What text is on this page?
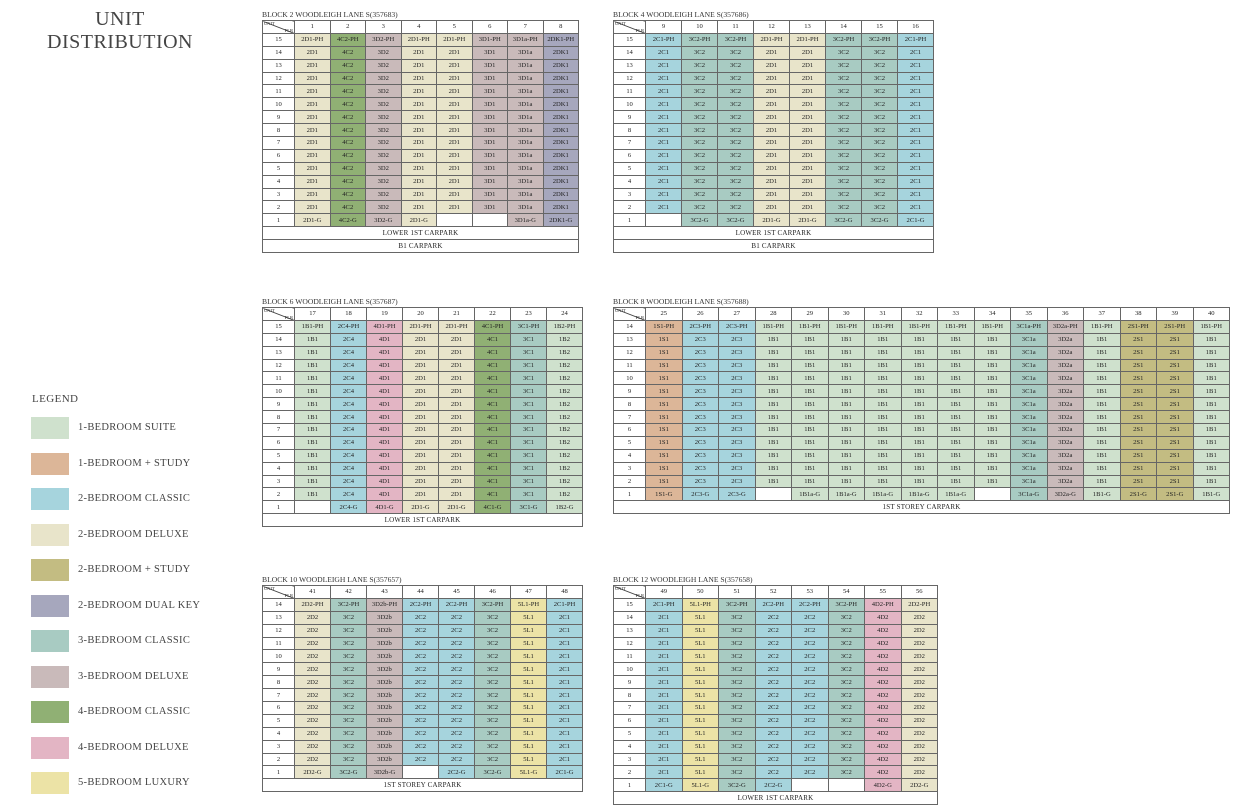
UNIT
DISTRIBUTION
LEGEND
1-BEDROOM SUITE
1-BEDROOM + STUDY
2-BEDROOM CLASSIC
2-BEDROOM DELUXE
2-BEDROOM + STUDY
2-BEDROOM DUAL KEY
3-BEDROOM CLASSIC
3-BEDROOM DELUXE
4-BEDROOM CLASSIC
4-BEDROOM DELUXE
5-BEDROOM LUXURY
BLOCK 2 WOODLEIGH LANE S(357683)
UNIT
FLR	1	2	3	4	5	6	7	8
15	2D1-PH	4C2-PH	3D2-PH	2D1-PH	2D1-PH	3D1-PH	3D1a-PH	2DK1-PH
14	2D1	4C2	3D2	2D1	2D1	3D1	3D1a	2DK1
13	2D1	4C2	3D2	2D1	2D1	3D1	3D1a	2DK1
12	2D1	4C2	3D2	2D1	2D1	3D1	3D1a	2DK1
11	2D1	4C2	3D2	2D1	2D1	3D1	3D1a	2DK1
10	2D1	4C2	3D2	2D1	2D1	3D1	3D1a	2DK1
9	2D1	4C2	3D2	2D1	2D1	3D1	3D1a	2DK1
8	2D1	4C2	3D2	2D1	2D1	3D1	3D1a	2DK1
7	2D1	4C2	3D2	2D1	2D1	3D1	3D1a	2DK1
6	2D1	4C2	3D2	2D1	2D1	3D1	3D1a	2DK1
5	2D1	4C2	3D2	2D1	2D1	3D1	3D1a	2DK1
4	2D1	4C2	3D2	2D1	2D1	3D1	3D1a	2DK1
3	2D1	4C2	3D2	2D1	2D1	3D1	3D1a	2DK1
2	2D1	4C2	3D2	2D1	2D1	3D1	3D1a	2DK1
1	2D1-G	4C2-G	3D2-G	2D1-G			3D1a-G	2DK1-G
LOWER 1ST CARPARK								
B1 CARPARK								
BLOCK 4 WOODLEIGH LANE S(357686)
UNIT
FLR	9	10	11	12	13	14	15	16
15	2C1-PH	3C2-PH	3C2-PH	2D1-PH	2D1-PH	3C2-PH	3C2-PH	2C1-PH
14	2C1	3C2	3C2	2D1	2D1	3C2	3C2	2C1
13	2C1	3C2	3C2	2D1	2D1	3C2	3C2	2C1
12	2C1	3C2	3C2	2D1	2D1	3C2	3C2	2C1
11	2C1	3C2	3C2	2D1	2D1	3C2	3C2	2C1
10	2C1	3C2	3C2	2D1	2D1	3C2	3C2	2C1
9	2C1	3C2	3C2	2D1	2D1	3C2	3C2	2C1
8	2C1	3C2	3C2	2D1	2D1	3C2	3C2	2C1
7	2C1	3C2	3C2	2D1	2D1	3C2	3C2	2C1
6	2C1	3C2	3C2	2D1	2D1	3C2	3C2	2C1
5	2C1	3C2	3C2	2D1	2D1	3C2	3C2	2C1
4	2C1	3C2	3C2	2D1	2D1	3C2	3C2	2C1
3	2C1	3C2	3C2	2D1	2D1	3C2	3C2	2C1
2	2C1	3C2	3C2	2D1	2D1	3C2	3C2	2C1
1		3C2-G	3C2-G	2D1-G	2D1-G	3C2-G	3C2-G	2C1-G
LOWER 1ST CARPARK								
B1 CARPARK								
BLOCK 6 WOODLEIGH LANE S(357687)
UNIT
FLR	17	18	19	20	21	22	23	24
15	1B1-PH	2C4-PH	4D1-PH	2D1-PH	2D1-PH	4C1-PH	3C1-PH	1B2-PH
14	1B1	2C4	4D1	2D1	2D1	4C1	3C1	1B2
13	1B1	2C4	4D1	2D1	2D1	4C1	3C1	1B2
12	1B1	2C4	4D1	2D1	2D1	4C1	3C1	1B2
11	1B1	2C4	4D1	2D1	2D1	4C1	3C1	1B2
10	1B1	2C4	4D1	2D1	2D1	4C1	3C1	1B2
9	1B1	2C4	4D1	2D1	2D1	4C1	3C1	1B2
8	1B1	2C4	4D1	2D1	2D1	4C1	3C1	1B2
7	1B1	2C4	4D1	2D1	2D1	4C1	3C1	1B2
6	1B1	2C4	4D1	2D1	2D1	4C1	3C1	1B2
5	1B1	2C4	4D1	2D1	2D1	4C1	3C1	1B2
4	1B1	2C4	4D1	2D1	2D1	4C1	3C1	1B2
3	1B1	2C4	4D1	2D1	2D1	4C1	3C1	1B2
2	1B1	2C4	4D1	2D1	2D1	4C1	3C1	1B2
1		2C4-G	4D1-G	2D1-G	2D1-G	4C1-G	3C1-G	1B2-G
LOWER 1ST CARPARK								
BLOCK 8 WOODLEIGH LANE S(357688)
UNIT
FLR	25	26	27	28	29	30	31	32	33	34	35	36	37	38	39	40
14	1S1-PH	2C3-PH	2C3-PH	1B1-PH	1B1-PH	1B1-PH	1B1-PH	1B1-PH	1B1-PH	1B1-PH	3C1a-PH	3D2a-PH	1B1-PH	2S1-PH	2S1-PH	1B1-PH
13	1S1	2C3	2C3	1B1	1B1	1B1	1B1	1B1	1B1	1B1	3C1a	3D2a	1B1	2S1	2S1	1B1
12	1S1	2C3	2C3	1B1	1B1	1B1	1B1	1B1	1B1	1B1	3C1a	3D2a	1B1	2S1	2S1	1B1
11	1S1	2C3	2C3	1B1	1B1	1B1	1B1	1B1	1B1	1B1	3C1a	3D2a	1B1	2S1	2S1	1B1
10	1S1	2C3	2C3	1B1	1B1	1B1	1B1	1B1	1B1	1B1	3C1a	3D2a	1B1	2S1	2S1	1B1
9	1S1	2C3	2C3	1B1	1B1	1B1	1B1	1B1	1B1	1B1	3C1a	3D2a	1B1	2S1	2S1	1B1
8	1S1	2C3	2C3	1B1	1B1	1B1	1B1	1B1	1B1	1B1	3C1a	3D2a	1B1	2S1	2S1	1B1
7	1S1	2C3	2C3	1B1	1B1	1B1	1B1	1B1	1B1	1B1	3C1a	3D2a	1B1	2S1	2S1	1B1
6	1S1	2C3	2C3	1B1	1B1	1B1	1B1	1B1	1B1	1B1	3C1a	3D2a	1B1	2S1	2S1	1B1
5	1S1	2C3	2C3	1B1	1B1	1B1	1B1	1B1	1B1	1B1	3C1a	3D2a	1B1	2S1	2S1	1B1
4	1S1	2C3	2C3	1B1	1B1	1B1	1B1	1B1	1B1	1B1	3C1a	3D2a	1B1	2S1	2S1	1B1
3	1S1	2C3	2C3	1B1	1B1	1B1	1B1	1B1	1B1	1B1	3C1a	3D2a	1B1	2S1	2S1	1B1
2	1S1	2C3	2C3	1B1	1B1	1B1	1B1	1B1	1B1	1B1	3C1a	3D2a	1B1	2S1	2S1	1B1
1	1S1-G	2C3-G	2C3-G		1B1a-G	1B1a-G	1B1a-G	1B1a-G	1B1a-G		3C1a-G	3D2a-G	1B1-G	2S1-G	2S1-G	1B1-G
1ST STOREY CARPARK																
BLOCK 10 WOODLEIGH LANE S(357657)
UNIT
FLR	41	42	43	44	45	46	47	48
14	2D2-PH	3C2-PH	3D2b-PH	2C2-PH	2C2-PH	3C2-PH	5L1-PH	2C1-PH
13	2D2	3C2	3D2b	2C2	2C2	3C2	5L1	2C1
12	2D2	3C2	3D2b	2C2	2C2	3C2	5L1	2C1
11	2D2	3C2	3D2b	2C2	2C2	3C2	5L1	2C1
10	2D2	3C2	3D2b	2C2	2C2	3C2	5L1	2C1
9	2D2	3C2	3D2b	2C2	2C2	3C2	5L1	2C1
8	2D2	3C2	3D2b	2C2	2C2	3C2	5L1	2C1
7	2D2	3C2	3D2b	2C2	2C2	3C2	5L1	2C1
6	2D2	3C2	3D2b	2C2	2C2	3C2	5L1	2C1
5	2D2	3C2	3D2b	2C2	2C2	3C2	5L1	2C1
4	2D2	3C2	3D2b	2C2	2C2	3C2	5L1	2C1
3	2D2	3C2	3D2b	2C2	2C2	3C2	5L1	2C1
2	2D2	3C2	3D2b	2C2	2C2	3C2	5L1	2C1
1	2D2-G	3C2-G	3D2b-G		2C2-G	3C2-G	5L1-G	2C1-G
1ST STOREY CARPARK								
BLOCK 12 WOODLEIGH LANE S(357658)
UNIT
FLR	49	50	51	52	53	54	55	56
15	2C1-PH	5L1-PH	3C2-PH	2C2-PH	2C2-PH	3C2-PH	4D2-PH	2D2-PH
14	2C1	5L1	3C2	2C2	2C2	3C2	4D2	2D2
13	2C1	5L1	3C2	2C2	2C2	3C2	4D2	2D2
12	2C1	5L1	3C2	2C2	2C2	3C2	4D2	2D2
11	2C1	5L1	3C2	2C2	2C2	3C2	4D2	2D2
10	2C1	5L1	3C2	2C2	2C2	3C2	4D2	2D2
9	2C1	5L1	3C2	2C2	2C2	3C2	4D2	2D2
8	2C1	5L1	3C2	2C2	2C2	3C2	4D2	2D2
7	2C1	5L1	3C2	2C2	2C2	3C2	4D2	2D2
6	2C1	5L1	3C2	2C2	2C2	3C2	4D2	2D2
5	2C1	5L1	3C2	2C2	2C2	3C2	4D2	2D2
4	2C1	5L1	3C2	2C2	2C2	3C2	4D2	2D2
3	2C1	5L1	3C2	2C2	2C2	3C2	4D2	2D2
2	2C1	5L1	3C2	2C2	2C2	3C2	4D2	2D2
1	2C1-G	5L1-G	3C2-G	2C2-G			4D2-G	2D2-G
LOWER 1ST CARPARK								
